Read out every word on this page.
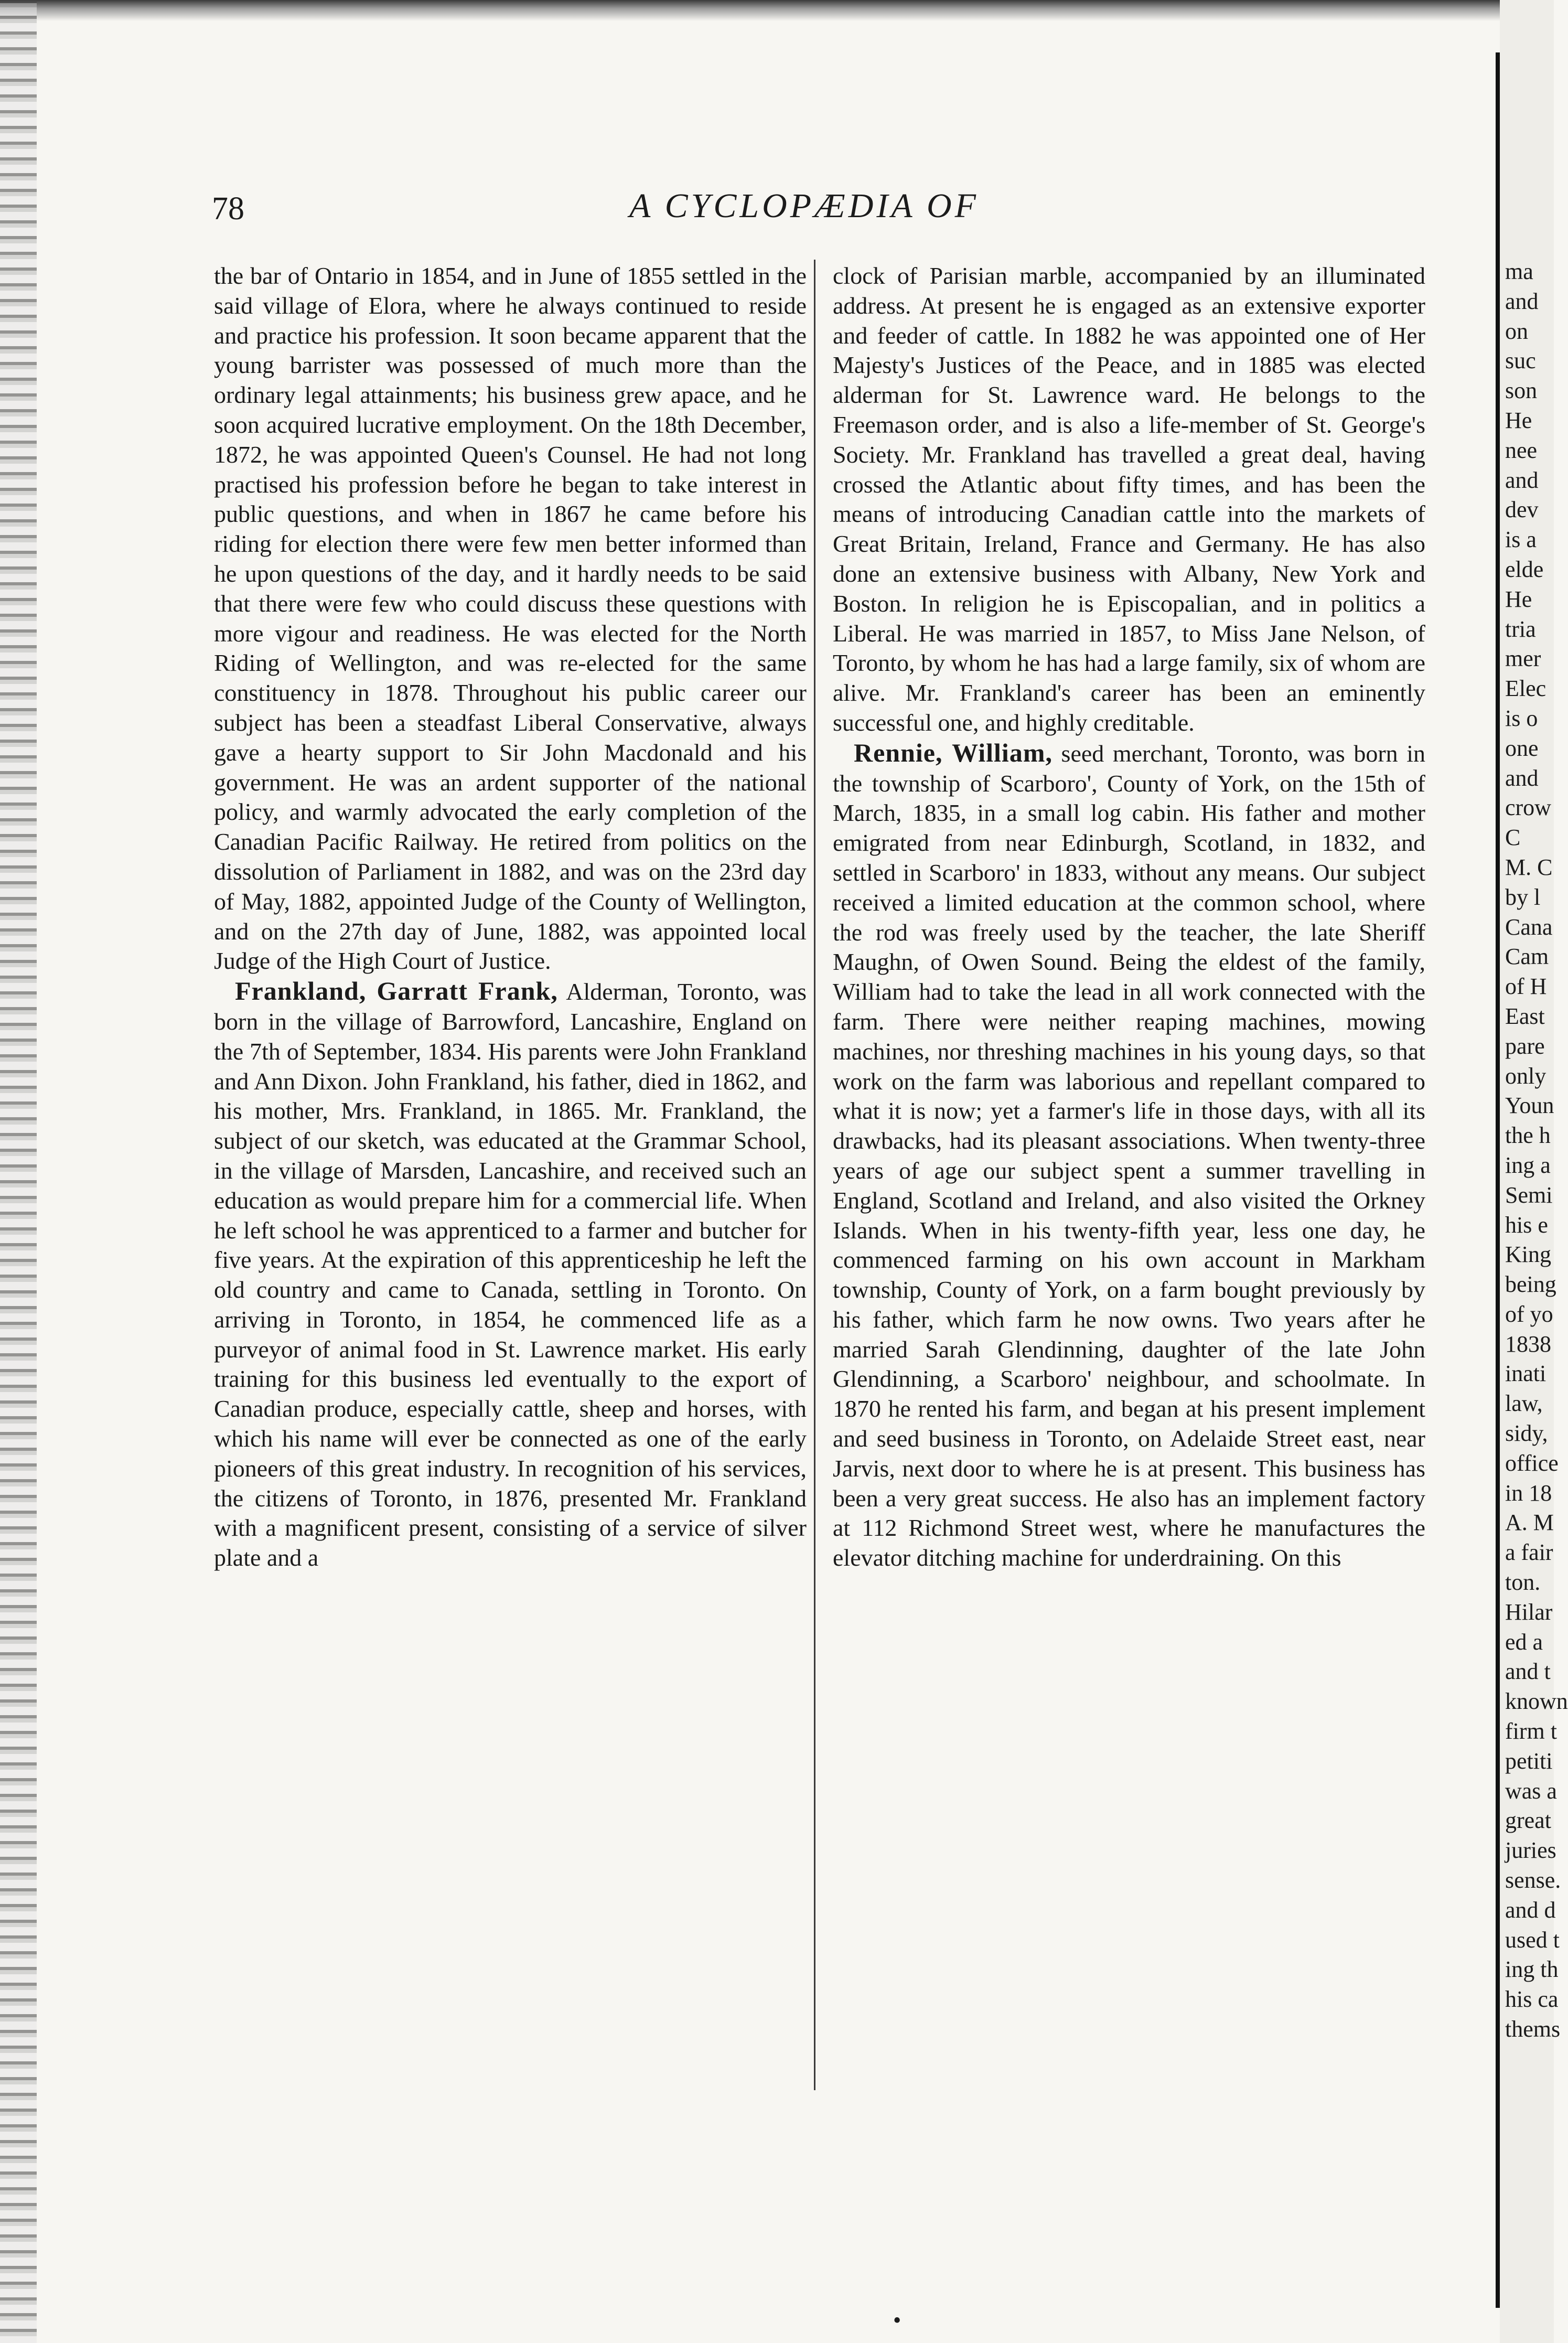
78	A CYCLOPÆDIA OF

the bar of Ontario in 1854, and in June of 1855 settled in the said village of Elora, where he always continued to reside and practice his profession. It soon became apparent that the young barrister was possessed of much more than the ordinary legal attainments; his business grew apace, and he soon acquired lucrative employment. On the 18th December, 1872, he was appointed Queen's Counsel. He had not long practised his profession before he began to take interest in public questions, and when in 1867 he came before his riding for election there were few men better informed than he upon questions of the day, and it hardly needs to be said that there were few who could discuss these questions with more vigour and readiness. He was elected for the North Riding of Wellington, and was re-elected for the same constituency in 1878. Throughout his public career our subject has been a steadfast Liberal Conservative, always gave a hearty support to Sir John Macdonald and his government. He was an ardent supporter of the national policy, and warmly advocated the early completion of the Canadian Pacific Railway. He retired from politics on the dissolution of Parliament in 1882, and was on the 23rd day of May, 1882, appointed Judge of the County of Wellington, and on the 27th day of June, 1882, was appointed local Judge of the High Court of Justice.

Frankland, Garratt Frank, Alderman, Toronto, was born in the village of Barrowford, Lancashire, England on the 7th of September, 1834. His parents were John Frankland and Ann Dixon. John Frankland, his father, died in 1862, and his mother, Mrs. Frankland, in 1865. Mr. Frankland, the subject of our sketch, was educated at the Grammar School, in the village of Marsden, Lancashire, and received such an education as would prepare him for a commercial life. When he left school he was apprenticed to a farmer and butcher for five years. At the expiration of this apprenticeship he left the old country and came to Canada, settling in Toronto. On arriving in Toronto, in 1854, he commenced life as a purveyor of animal food in St. Lawrence market. His early training for this business led eventually to the export of Canadian produce, especially cattle, sheep and horses, with which his name will ever be connected as one of the early pioneers of this great industry. In recognition of his services, the citizens of Toronto, in 1876, presented Mr. Frankland with a magnificent present, consisting of a service of silver plate and a

clock of Parisian marble, accompanied by an illuminated address. At present he is engaged as an extensive exporter and feeder of cattle. In 1882 he was appointed one of Her Majesty's Justices of the Peace, and in 1885 was elected alderman for St. Lawrence ward. He belongs to the Freemason order, and is also a life-member of St. George's Society. Mr. Frankland has travelled a great deal, having crossed the Atlantic about fifty times, and has been the means of introducing Canadian cattle into the markets of Great Britain, Ireland, France and Germany. He has also done an extensive business with Albany, New York and Boston. In religion he is Episcopalian, and in politics a Liberal. He was married in 1857, to Miss Jane Nelson, of Toronto, by whom he has had a large family, six of whom are alive. Mr. Frankland's career has been an eminently successful one, and highly creditable.

Rennie, William, seed merchant, Toronto, was born in the township of Scarboro', County of York, on the 15th of March, 1835, in a small log cabin. His father and mother emigrated from near Edinburgh, Scotland, in 1832, and settled in Scarboro' in 1833, without any means. Our subject received a limited education at the common school, where the rod was freely used by the teacher, the late Sheriff Maughn, of Owen Sound. Being the eldest of the family, William had to take the lead in all work connected with the farm. There were neither reaping machines, mowing machines, nor threshing machines in his young days, so that work on the farm was laborious and repellant compared to what it is now; yet a farmer's life in those days, with all its drawbacks, had its pleasant associations. When twenty-three years of age our subject spent a summer travelling in England, Scotland and Ireland, and also visited the Orkney Islands. When in his twenty-fifth year, less one day, he commenced farming on his own account in Markham township, County of York, on a farm bought previously by his father, which farm he now owns. Two years after he married Sarah Glendinning, daughter of the late John Glendinning, a Scarboro' neighbour, and schoolmate. In 1870 he rented his farm, and began at his present implement and seed business in Toronto, on Adelaide Street east, near Jarvis, next door to where he is at present. This business has been a very great success. He also has an implement factory at 112 Richmond Street west, where he manufactures the elevator ditching machine for underdraining. On this

ma
and
on
suc
son
He
nee
and
dev
is a
elde
He
tria
mer
Elec
is o
one
and
crow
C
M. C
by l
Cana
Cam
of H
East
pare
only
Youn
the h
ing a
Semi
his e
King
being
of yo
1838
inati
law,
sidy,
office
in 18
A. M
a fair
ton.
Hilar
ed a
and t
known
firm t
petiti
was a
great
juries
sense.
and d
used t
ing th
his ca
thems
•
